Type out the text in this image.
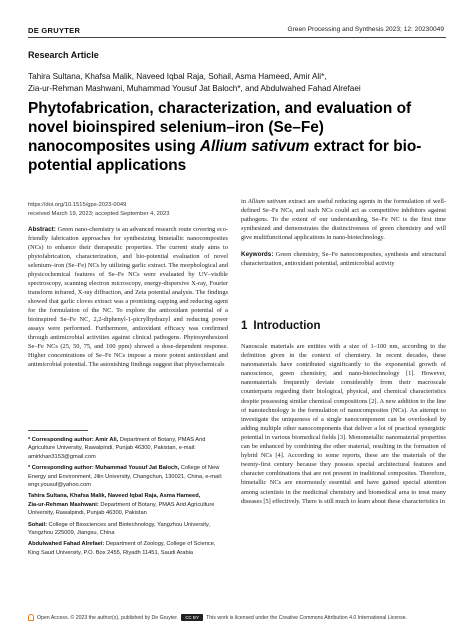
DE GRUYTER	Green Processing and Synthesis 2023; 12: 20230049
Research Article
Tahira Sultana, Khafsa Malik, Naveed Iqbal Raja, Sohail, Asma Hameed, Amir Ali*,
Zia-ur-Rehman Mashwani, Muhammad Yousuf Jat Baloch*, and Abdulwahed Fahad Alrefaei
Phytofabrication, characterization, and evaluation of novel bioinspired selenium–iron (Se–Fe) nanocomposites using Allium sativum extract for bio-potential applications
https://doi.org/10.1515/gps-2023-0049
received March 19, 2023; accepted September 4, 2023

Abstract: Green nano-chemistry is an advanced research route covering eco-friendly fabrication approaches for synthesizing bimetallic nanocomposites (NCs) to enhance their therapeutic properties. The current study aims to phytofabrication, characterization, and bio-potential evaluation of novel selenium–iron (Se–Fe) NCs by utilizing garlic extract. The morphological and physicochemical features of Se–Fe NCs were evaluated by UV–visible spectroscopy, scanning electron microscopy, energy-dispersive X-ray, Fourier transform infrared, X-ray diffraction, and Zeta potential analysis. The findings showed that garlic cloves extract was a promising capping and reducing agent for the formulation of the NC. To explore the antioxidant potential of a bioinspired Se–Fe NC, 2,2-diphenyl-1-picrylhydrazyl and reducing power assays were performed. Furthermore, antioxidant efficacy was confirmed through antimicrobial activities against clinical pathogens. Phytosynthesized Se–Fe NCs (25, 50, 75, and 100 ppm) showed a dose-dependent response. Higher concentrations of Se–Fe NCs impose a more potent antioxidant and antimicrobial potential. The astonishing findings suggest that phytochemicals

in Allium sativum extract are useful reducing agents in the formulation of well-defined Se–Fe NCs, and such NCs could act as competitive inhibitors against pathogens. To the extent of our understanding, Se–Fe NC is the first time synthesized and demonstrates the distinctiveness of green chemistry and will give multifunctional applications in nano-biotechnology.

Keywords: Green chemistry, Se–Fe nanocomposites, synthesis and structural characterization, antioxidant potential, antimicrobial activity

1 Introduction
Nanoscale materials are entities with a size of 1–100 nm, according to the definition given in the context of chemistry. In recent decades, these nanomaterials have contributed significantly to the exponential growth of nanoscience, green chemistry, and nano-biotechnology [1]. However, nanomaterials frequently deviate considerably from their macroscale counterparts regarding their biological, physical, and chemical characteristics despite possessing similar chemical compositions [2]. A new addition to the line of nanotechnology is the formulation of nanocomposites (NCs). An attempt to investigate the uniqueness of a single nanocomponent can be overlooked by adding multiple other nanocomponents that deliver a lot of practical synergistic potential in various biomedical fields [3]. Monometallic nanomaterial properties can be enhanced by combining the other material, resulting in the formation of hybrid NCs [4]. According to some reports, these are the materials of the twenty-first century because they possess special architectural features and character combinations that are not present in traditional composites. Therefore, bimetallic NCs are enormously essential and have gained special attention among scientists in the medicinal chemistry and biomedical area to treat many diseases [5] effectively. There is still much to learn about these characteristics in

* Corresponding author: Amir Ali, Department of Botany, PMAS Arid Agriculture University, Rawalpindi, Punjab 46300, Pakistan, e-mail: amirkhan3153@gmail.com

* Corresponding author: Muhammad Yousuf Jat Baloch, College of New Energy and Environment, Jilin University, Changchun, 130021, China, e-mail: engr.yousuf@yahoo.com

Tahira Sultana, Khafsa Malik, Naveed Iqbal Raja, Asma Hameed,

Zia-ur-Rehman Mashwani: Department of Botany, PMAS Arid Agriculture University, Rawalpindi, Punjab 46300, Pakistan

Sohail: College of Biosciences and Biotechnology, Yangzhou University, Yangzhou 225009, Jiangsu, China

Abdulwahed Fahad Alrefaei: Department of Zoology, College of Science, King Saud University, P.O. Box 2455, Riyadh 11451, Saudi Arabia

Open Access. © 2023 the author(s), published by De Gruyter.	CC BY	This work is licensed under the Creative Commons Attribution 4.0 International License.
